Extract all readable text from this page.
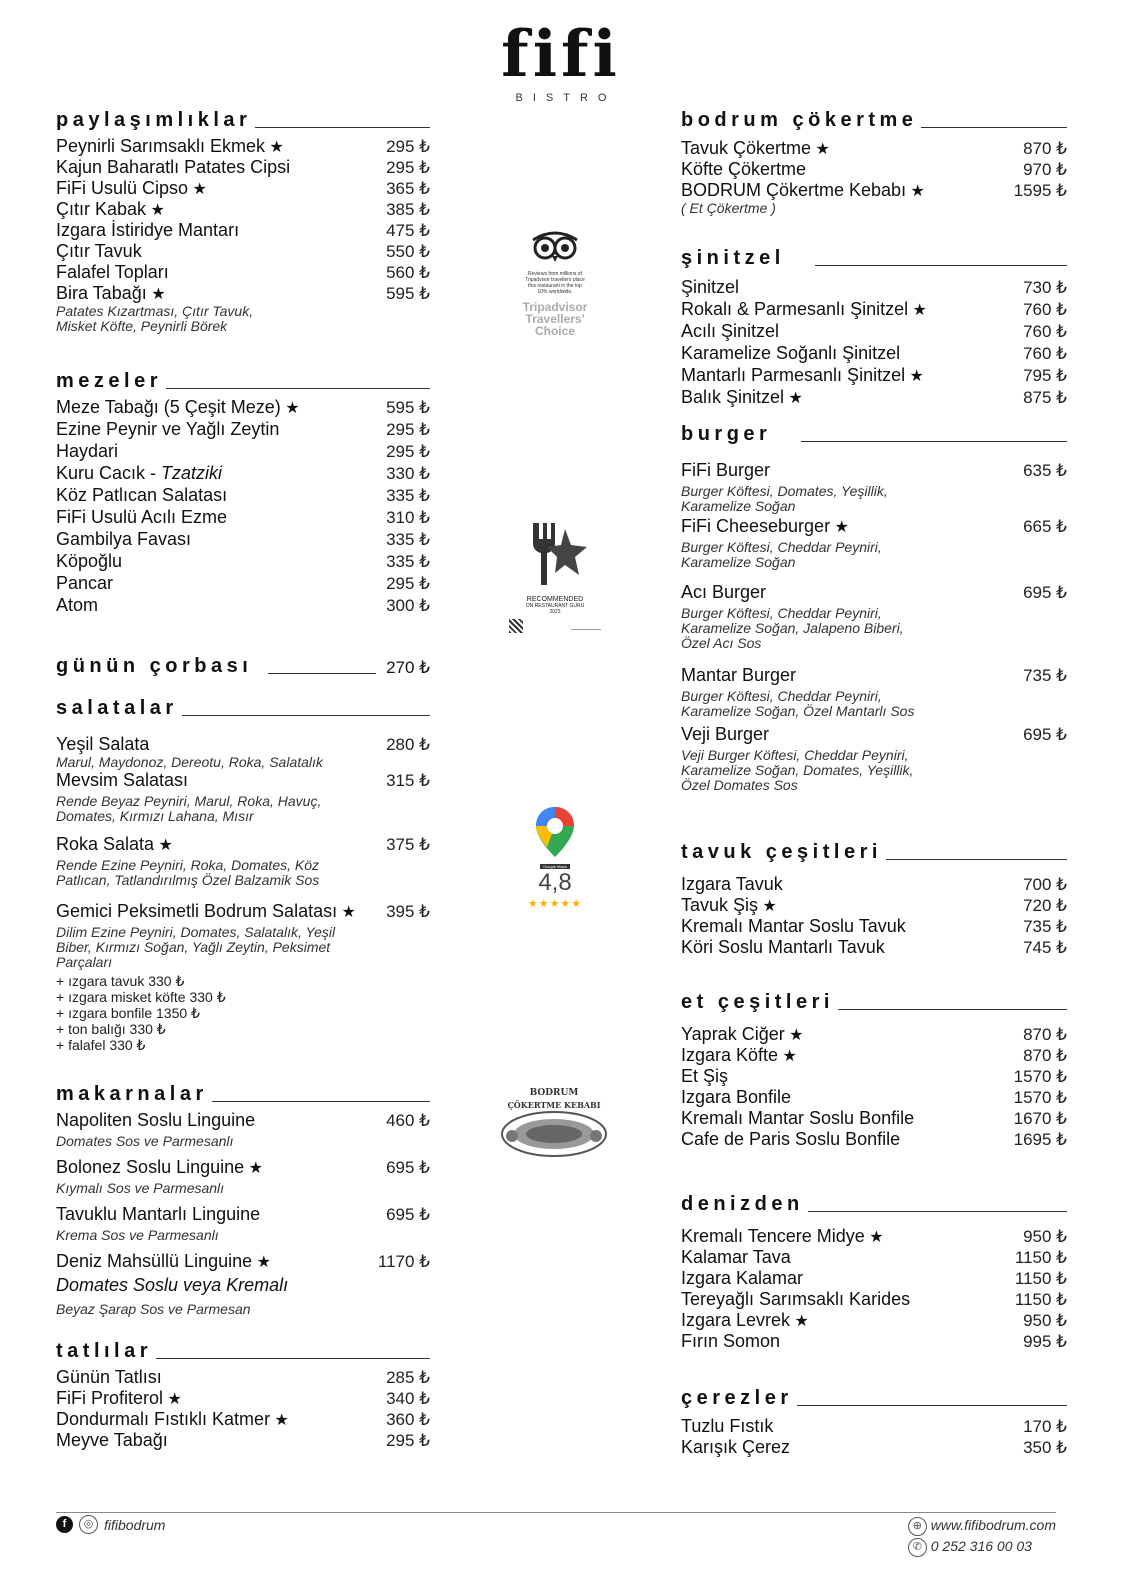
fifi
BISTRO
paylaşımlıklar
Peynirli Sarımsaklı Ekmek ★	295 ₺
Kajun Baharatlı Patates Cipsi	295 ₺
FiFi Usulü Cipso ★	365 ₺
Çıtır Kabak ★	385 ₺
Izgara İstiridye Mantarı	475 ₺
Çıtır Tavuk	550 ₺
Falafel Topları	560 ₺
Bira Tabağı ★	595 ₺
Patates Kızartması, Çıtır Tavuk,
Misket Köfte, Peynirli Börek
mezeler
Meze Tabağı (5 Çeşit Meze) ★	595 ₺
Ezine Peynir ve Yağlı Zeytin	295 ₺
Haydari	295 ₺
Kuru Cacık - Tzatziki	330 ₺
Köz Patlıcan Salatası	335 ₺
FiFi Usulü Acılı Ezme	310 ₺
Gambilya Favası	335 ₺
Köpoğlu	335 ₺
Pancar	295 ₺
Atom	300 ₺
günün çorbası	270 ₺
salatalar
Yeşil Salata	280 ₺
Marul, Maydonoz, Dereotu, Roka, Salatalık
Mevsim Salatası	315 ₺
Rende Beyaz Peyniri, Marul, Roka, Havuç,
Domates, Kırmızı Lahana, Mısır
Roka Salata ★	375 ₺
Rende Ezine Peyniri, Roka, Domates, Köz
Patlıcan, Tatlandırılmış Özel Balzamik Sos
Gemici Peksimetli Bodrum Salatası ★ 395 ₺
Dilim Ezine Peyniri, Domates, Salatalık, Yeşil
Biber, Kırmızı Soğan, Yağlı Zeytin, Peksimet
Parçaları
+ ızgara tavuk 330 ₺
+ ızgara misket köfte 330 ₺
+ ızgara bonfile 1350 ₺
+ ton balığı 330 ₺
+ falafel 330 ₺
makarnalar
Napoliten Soslu Linguine	460 ₺
Domates Sos ve Parmesanlı
Bolonez Soslu Linguine ★	695 ₺
Kıymalı Sos ve Parmesanlı
Tavuklu Mantarlı Linguine	695 ₺
Krema Sos ve Parmesanlı
Deniz Mahsüllü Linguine ★	1170 ₺
Domates Soslu veya Kremalı
Beyaz Şarap Sos ve Parmesan
tatlılar
Günün Tatlısı	285 ₺
FiFi Profiterol ★	340 ₺
Dondurmalı Fıstıklı Katmer ★	360 ₺
Meyve Tabağı	295 ₺
Reviews from millions of Tripadvisor travellers place this restaurant in the top 10% worldwide.
Tripadvisor
Travellers'
Choice
RECOMMENDED
ON RESTAURANT GURU
2023
Google Maps
4,8
★★★★★
BODRUM
ÇÖKERTME KEBABI
bodrum çökertme
Tavuk Çökertme ★	870 ₺
Köfte Çökertme	970 ₺
BODRUM Çökertme Kebabı ★	1595 ₺
( Et Çökertme )
şinitzel
Şinitzel	730 ₺
Rokalı & Parmesanlı Şinitzel ★	760 ₺
Acılı Şinitzel	760 ₺
Karamelize Soğanlı Şinitzel	760 ₺
Mantarlı Parmesanlı Şinitzel ★	795 ₺
Balık Şinitzel ★	875 ₺
burger
FiFi Burger	635 ₺
Burger Köftesi, Domates, Yeşillik,
Karamelize Soğan
FiFi Cheeseburger ★	665 ₺
Burger Köftesi, Cheddar Peyniri,
Karamelize Soğan
Acı Burger	695 ₺
Burger Köftesi, Cheddar Peyniri,
Karamelize Soğan, Jalapeno Biberi,
Özel Acı Sos
Mantar Burger	735 ₺
Burger Köftesi, Cheddar Peyniri,
Karamelize Soğan, Özel Mantarlı Sos
Veji Burger	695 ₺
Veji Burger Köftesi, Cheddar Peyniri,
Karamelize Soğan, Domates, Yeşillik,
Özel Domates Sos
tavuk çeşitleri
Izgara Tavuk	700 ₺
Tavuk Şiş ★	720 ₺
Kremalı Mantar Soslu Tavuk	735 ₺
Köri Soslu Mantarlı Tavuk	745 ₺
et çeşitleri
Yaprak Ciğer ★	870 ₺
Izgara Köfte ★	870 ₺
Et Şiş	1570 ₺
Izgara Bonfile	1570 ₺
Kremalı Mantar Soslu Bonfile	1670 ₺
Cafe de Paris Soslu Bonfile	1695 ₺
denizden
Kremalı Tencere Midye ★	950 ₺
Kalamar Tava	1150 ₺
Izgara Kalamar	1150 ₺
Tereyağlı Sarımsaklı Karides	1150 ₺
Izgara Levrek ★	950 ₺
Fırın Somon	995 ₺
çerezler
Tuzlu Fıstık	170 ₺
Karışık Çerez	350 ₺
f	◎ fifibodrum	⊕ www.fifibodrum.com
✆ 0 252 316 00 03
